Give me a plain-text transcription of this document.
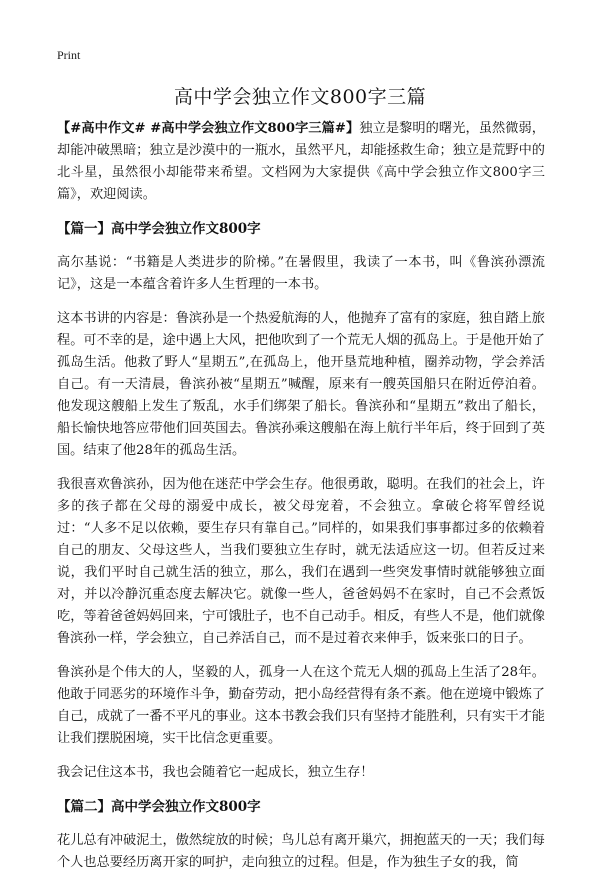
Print
高中学会独立作文800字三篇

【#高中作文# #高中学会独立作文800字三篇#】独立是黎明的曙光，虽然微弱，却能冲破黑暗；独立是沙漠中的一瓶水，虽然平凡，却能拯救生命；独立是荒野中的北斗星，虽然很小却能带来希望。文档网为大家提供《高中学会独立作文800字三篇》，欢迎阅读。

【篇一】高中学会独立作文800字

高尔基说：“书籍是人类进步的阶梯。”在暑假里，我读了一本书，叫《鲁滨孙漂流记》，这是一本蕴含着许多人生哲理的一本书。

这本书讲的内容是：鲁滨孙是一个热爱航海的人，他抛弃了富有的家庭，独自踏上旅程。可不幸的是，途中遇上大风，把他吹到了一个荒无人烟的孤岛上。于是他开始了孤岛生活。他救了野人“星期五”,在孤岛上，他开垦荒地种植，圈养动物，学会养活自己。有一天清晨，鲁滨孙被“星期五”喊醒，原来有一艘英国船只在附近停泊着。他发现这艘船上发生了叛乱，水手们绑架了船长。鲁滨孙和“星期五”救出了船长，船长愉快地答应带他们回英国去。鲁滨孙乘这艘船在海上航行半年后，终于回到了英国。结束了他28年的孤岛生活。

我很喜欢鲁滨孙，因为他在迷茫中学会生存。他很勇敢，聪明。在我们的社会上，许多的孩子都在父母的溺爱中成长，被父母宠着，不会独立。拿破仑将军曾经说过：“人多不足以依赖，要生存只有靠自己。”同样的，如果我们事事都过多的依赖着自己的朋友、父母这些人，当我们要独立生存时，就无法适应这一切。但若反过来说，我们平时自己就生活的独立，那么，我们在遇到一些突发事情时就能够独立面对，并以冷静沉重态度去解决它。就像一些人，爸爸妈妈不在家时，自己不会煮饭吃，等着爸爸妈妈回来，宁可饿肚子，也不自己动手。相反，有些人不是，他们就像鲁滨孙一样，学会独立，自己养活自己，而不是过着衣来伸手，饭来张口的日子。

鲁滨孙是个伟大的人，坚毅的人，孤身一人在这个荒无人烟的孤岛上生活了28年。他敢于同恶劣的环境作斗争，勤奋劳动，把小岛经营得有条不紊。他在逆境中锻炼了自己，成就了一番不平凡的事业。这本书教会我们只有坚持才能胜利，只有实干才能让我们摆脱困境，实干比信念更重要。

我会记住这本书，我也会随着它一起成长，独立生存！

【篇二】高中学会独立作文800字

花儿总有冲破泥土，傲然绽放的时候；鸟儿总有离开巢穴，拥抱蓝天的一天；我们每个人也总要经历离开家的呵护，走向独立的过程。但是，作为独生子女的我，简
